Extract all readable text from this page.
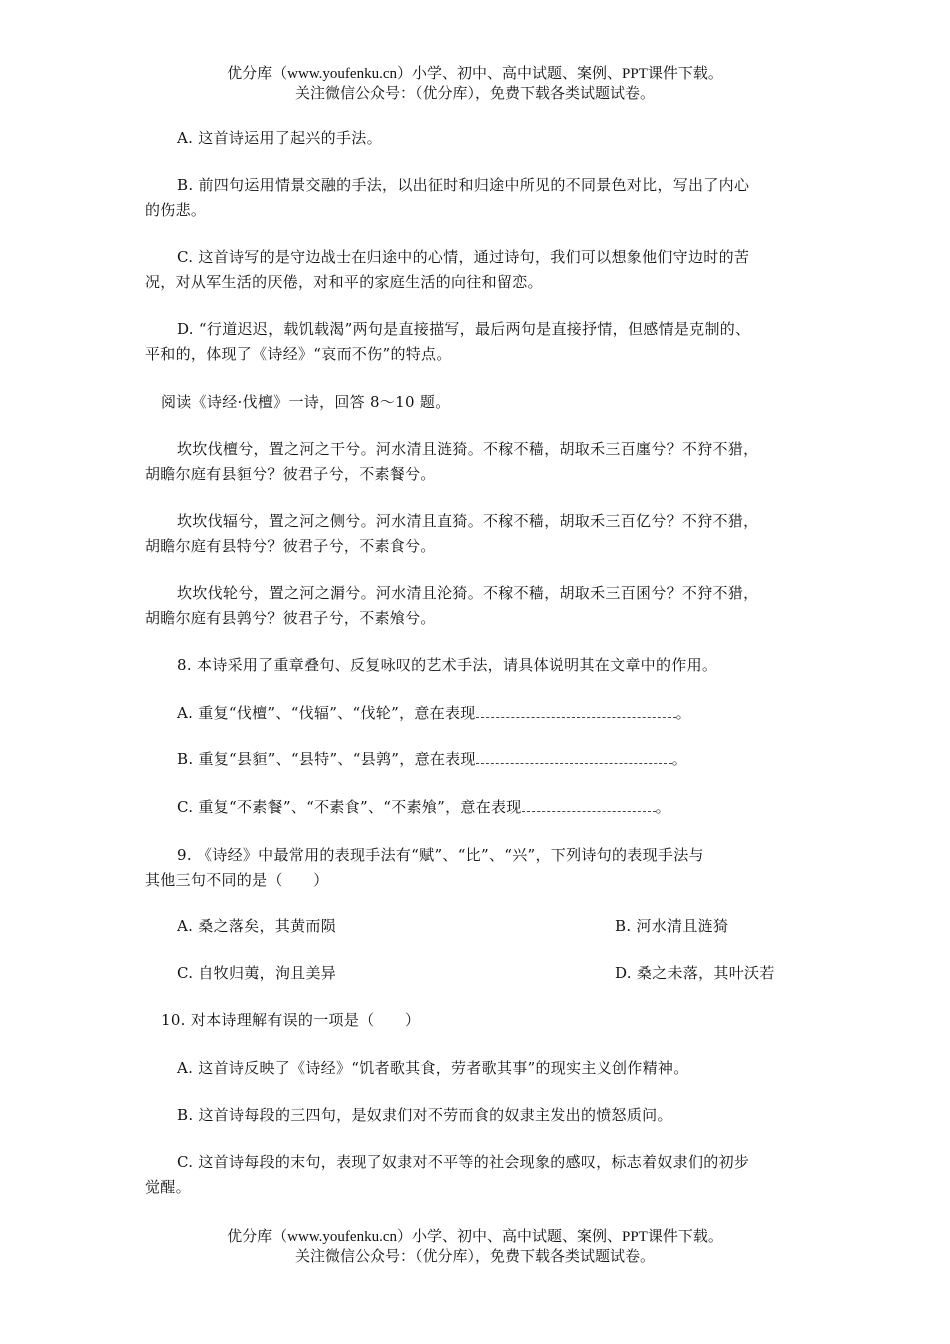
优分库（www.youfenku.cn）小学、初中、高中试题、案例、PPT课件下载。
关注微信公众号：（优分库），免费下载各类试题试卷。
A. 这首诗运用了起兴的手法。
B. 前四句运用情景交融的手法，以出征时和归途中所见的不同景色对比，写出了内心
的伤悲。
C. 这首诗写的是守边战士在归途中的心情，通过诗句，我们可以想象他们守边时的苦
况，对从军生活的厌倦，对和平的家庭生活的向往和留恋。
D. “行道迟迟，载饥载渴”两句是直接描写，最后两句是直接抒情，但感情是克制的、
平和的，体现了《诗经》“哀而不伤”的特点。
阅读《诗经·伐檀》一诗，回答 8～10 题。
坎坎伐檀兮，置之河之干兮。河水清且涟猗。不稼不穑，胡取禾三百廛兮？不狩不猎，
胡瞻尔庭有县貆兮？彼君子兮，不素餐兮。
坎坎伐辐兮，置之河之侧兮。河水清且直猗。不稼不穑，胡取禾三百亿兮？不狩不猎，
胡瞻尔庭有县特兮？彼君子兮，不素食兮。
坎坎伐轮兮，置之河之漘兮。河水清且沦猗。不稼不穑，胡取禾三百囷兮？不狩不猎，
胡瞻尔庭有县鹑兮？彼君子兮，不素飧兮。
8. 本诗采用了重章叠句、反复咏叹的艺术手法，请具体说明其在文章中的作用。
A. 重复“伐檀”、“伐辐”、“伐轮”，意在表现	。
B. 重复“县貆”、“县特”、“县鹑”，意在表现	。
C. 重复“不素餐”、“不素食”、“不素飧”，意在表现	。
9. 《诗经》中最常用的表现手法有“赋”、“比”、“兴”，下列诗句的表现手法与
其他三句不同的是（　　）
A. 桑之落矣，其黄而陨	B. 河水清且涟猗
C. 自牧归荑，洵且美异	D. 桑之未落，其叶沃若
10. 对本诗理解有误的一项是（　　）
A. 这首诗反映了《诗经》“饥者歌其食，劳者歌其事”的现实主义创作精神。
B. 这首诗每段的三四句，是奴隶们对不劳而食的奴隶主发出的愤怒质问。
C. 这首诗每段的末句，表现了奴隶对不平等的社会现象的感叹，标志着奴隶们的初步
觉醒。
优分库（www.youfenku.cn）小学、初中、高中试题、案例、PPT课件下载。
关注微信公众号：（优分库），免费下载各类试题试卷。
